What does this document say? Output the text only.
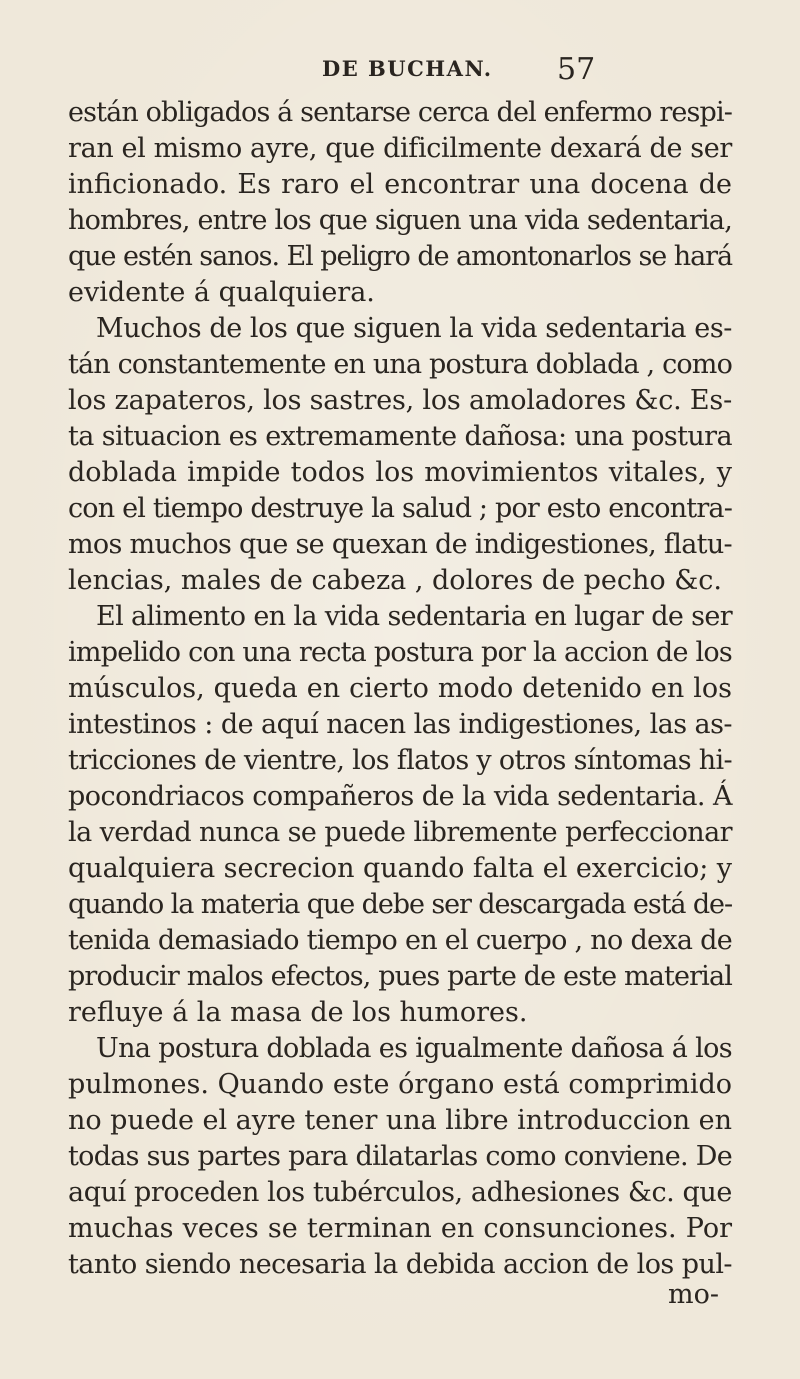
DE BUCHAN. 57
están obligados á sentarse cerca del enfermo respi-
ran el mismo ayre, que dificilmente dexará de ser
inficionado. Es raro el encontrar una docena de
hombres, entre los que siguen una vida sedentaria,
que estén sanos. El peligro de amontonarlos se hará
evidente á qualquiera.
Muchos de los que siguen la vida sedentaria es-
tán constantemente en una postura doblada , como
los zapateros, los sastres, los amoladores &c. Es-
ta situacion es extremamente dañosa: una postura
doblada impide todos los movimientos vitales, y
con el tiempo destruye la salud ; por esto encontra-
mos muchos que se quexan de indigestiones, flatu-
lencias, males de cabeza , dolores de pecho &c.
El alimento en la vida sedentaria en lugar de ser
impelido con una recta postura por la accion de los
músculos, queda en cierto modo detenido en los
intestinos : de aquí nacen las indigestiones, las as-
tricciones de vientre, los flatos y otros síntomas hi-
pocondriacos compañeros de la vida sedentaria. Á
la verdad nunca se puede libremente perfeccionar
qualquiera secrecion quando falta el exercicio; y
quando la materia que debe ser descargada está de-
tenida demasiado tiempo en el cuerpo , no dexa de
producir malos efectos, pues parte de este material
refluye á la masa de los humores.
Una postura doblada es igualmente dañosa á los
pulmones. Quando este órgano está comprimido
no puede el ayre tener una libre introduccion en
todas sus partes para dilatarlas como conviene. De
aquí proceden los tubérculos, adhesiones &c. que
muchas veces se terminan en consunciones. Por
tanto siendo necesaria la debida accion de los pul-
mo-
